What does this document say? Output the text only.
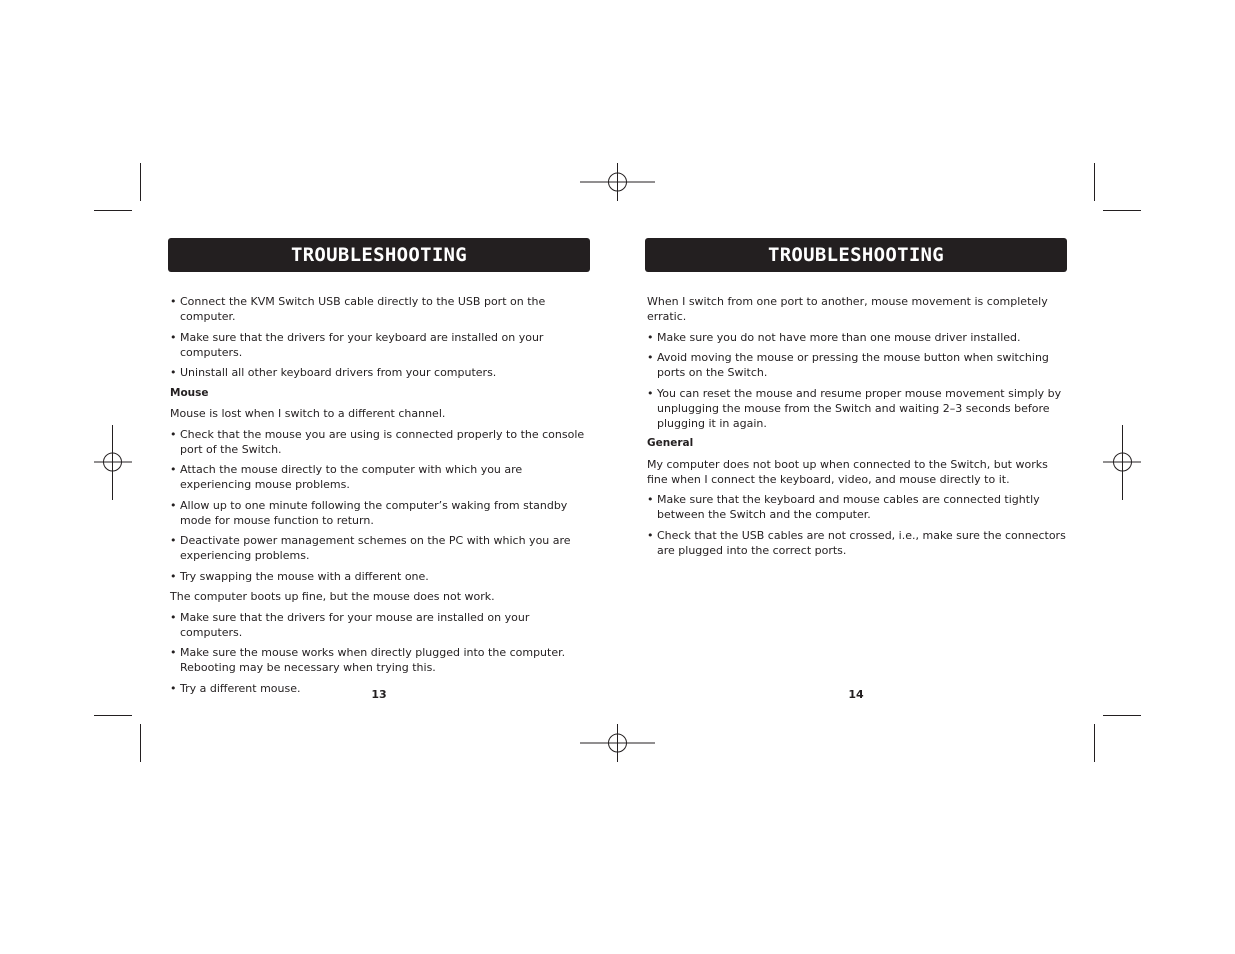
TROUBLESHOOTING
• Connect the KVM Switch USB cable directly to the USB port on the computer.
• Make sure that the drivers for your keyboard are installed on your computers.
• Uninstall all other keyboard drivers from your computers.

Mouse

Mouse is lost when I switch to a different channel.

• Check that the mouse you are using is connected properly to the console port of the Switch.
• Attach the mouse directly to the computer with which you are experiencing mouse problems.
• Allow up to one minute following the computer’s waking from standby mode for mouse function to return.
• Deactivate power management schemes on the PC with which you are experiencing problems.
• Try swapping the mouse with a different one.

The computer boots up fine, but the mouse does not work.

• Make sure that the drivers for your mouse are installed on your computers.
• Make sure the mouse works when directly plugged into the computer. Rebooting may be necessary when trying this.
• Try a different mouse.	13
TROUBLESHOOTING

When I switch from one port to another, mouse movement is completely erratic.

• Make sure you do not have more than one mouse driver installed.
• Avoid moving the mouse or pressing the mouse button when switching ports on the Switch.
• You can reset the mouse and resume proper mouse movement simply by unplugging the mouse from the Switch and waiting 2–3 seconds before plugging it in again.

General

My computer does not boot up when connected to the Switch, but works fine when I connect the keyboard, video, and mouse directly to it.

• Make sure that the keyboard and mouse cables are connected tightly between the Switch and the computer.
• Check that the USB cables are not crossed, i.e., make sure the connectors are plugged into the correct ports.
14
